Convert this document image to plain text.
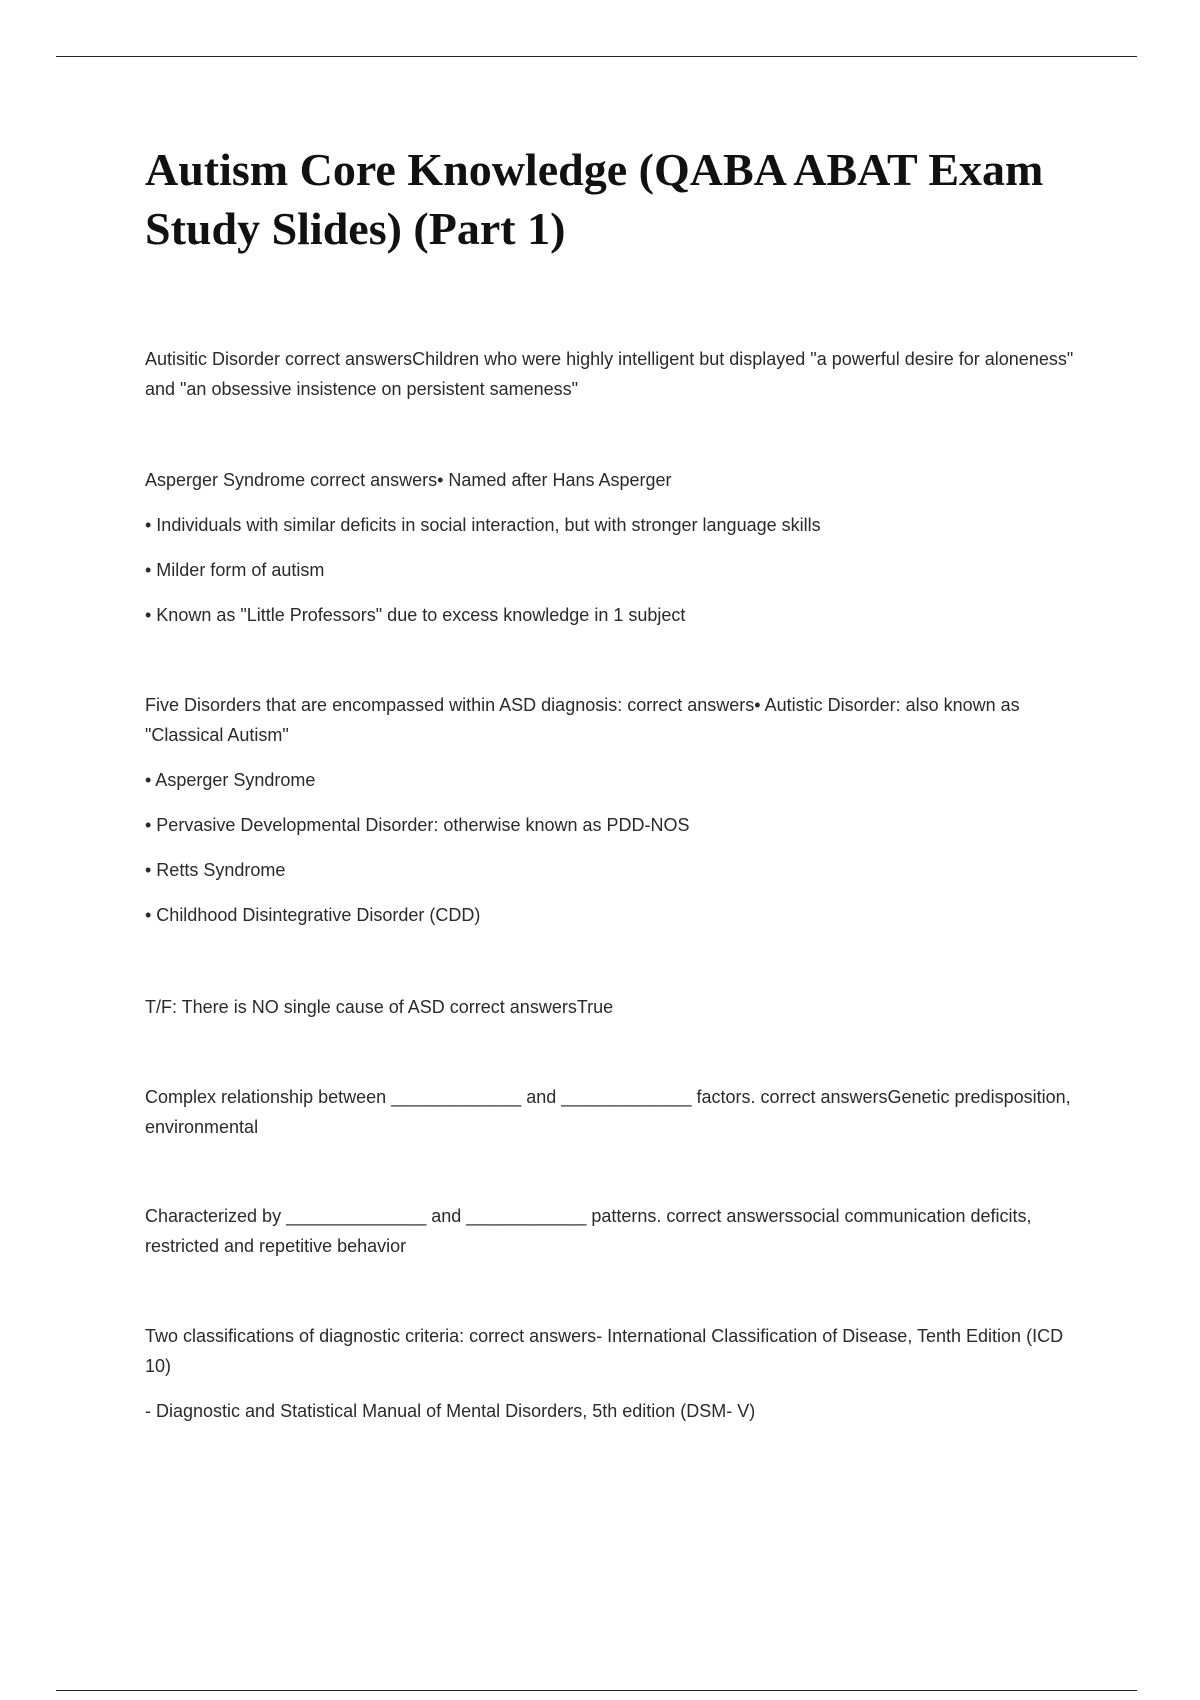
Autism Core Knowledge (QABA ABAT Exam Study Slides) (Part 1)

Autisitic Disorder correct answersChildren who were highly intelligent but displayed "a powerful desire for aloneness" and "an obsessive insistence on persistent sameness"

Asperger Syndrome correct answers• Named after Hans Asperger

• Individuals with similar deficits in social interaction, but with stronger language skills

• Milder form of autism

• Known as "Little Professors" due to excess knowledge in 1 subject

Five Disorders that are encompassed within ASD diagnosis: correct answers• Autistic Disorder: also known as "Classical Autism"

• Asperger Syndrome

• Pervasive Developmental Disorder: otherwise known as PDD-NOS

• Retts Syndrome

• Childhood Disintegrative Disorder (CDD)

T/F: There is NO single cause of ASD correct answersTrue

Complex relationship between _____________ and _____________ factors. correct answersGenetic predisposition, environmental

Characterized by ______________ and ____________ patterns. correct answerssocial communication deficits, restricted and repetitive behavior

Two classifications of diagnostic criteria: correct answers- International Classification of Disease, Tenth Edition (ICD 10)

- Diagnostic and Statistical Manual of Mental Disorders, 5th edition (DSM- V)
